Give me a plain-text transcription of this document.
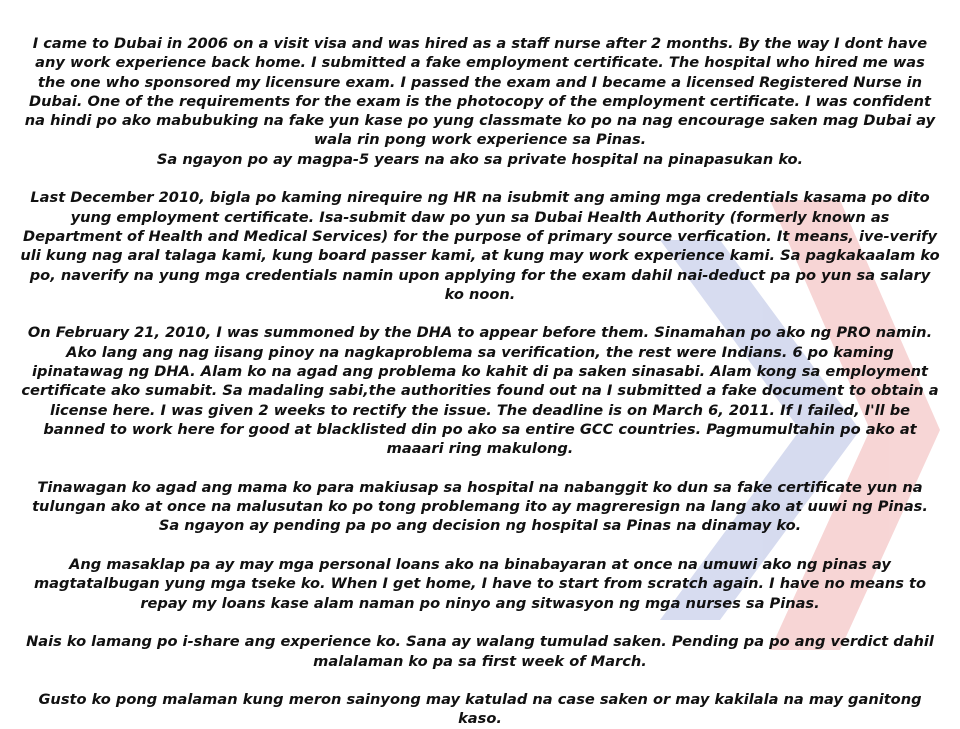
I came to Dubai in 2006 on a visit visa and was hired as a staff nurse after 2 months. By the way I dont have any work experience back home. I submitted a fake employment certificate. The hospital who hired me was the one who sponsored my licensure exam. I passed the exam and I became a licensed Registered Nurse in Dubai. One of the requirements for the exam is the photocopy of the employment certificate. I was confident na hindi po ako mabubuking na fake yun kase po yung classmate ko po na nag encourage saken mag Dubai ay wala rin pong work experience sa Pinas.
Sa ngayon po ay magpa-5 years na ako sa private hospital na pinapasukan ko.
Last December 2010, bigla po kaming nirequire ng HR na isubmit ang aming mga credentials kasama po dito yung employment certificate. Isa-submit daw po yun sa Dubai Health Authority (formerly known as Department of Health and Medical Services) for the purpose of primary source verfication. It means, ive-verify uli kung nag aral talaga kami, kung board passer kami, at kung may work experience kami. Sa pagkakaalam ko po, naverify na yung mga credentials namin upon applying for the exam dahil nai-deduct pa po yun sa salary ko noon.
On February 21, 2010, I was summoned by the DHA to appear before them. Sinamahan po ako ng PRO namin. Ako lang ang nag iisang pinoy na nagkaproblema sa verification, the rest were Indians. 6 po kaming ipinatawag ng DHA. Alam ko na agad ang problema ko kahit di pa saken sinasabi. Alam kong sa employment certificate ako sumabit. Sa madaling sabi,the authorities found out na I submitted a fake document to obtain a license here. I was given 2 weeks to rectify the issue. The deadline is on March 6, 2011. If I failed, I'll be banned to work here for good at blacklisted din po ako sa entire GCC countries. Pagmumultahin po ako at maaari ring makulong.
Tinawagan ko agad ang mama ko para makiusap sa hospital na nabanggit ko dun sa fake certificate yun na tulungan ako at once na malusutan ko po tong problemang ito ay magreresign na lang ako at uuwi ng Pinas. Sa ngayon ay pending pa po ang decision ng hospital sa Pinas na dinamay ko.
Ang masaklap pa ay may mga personal loans ako na binabayaran at once na umuwi ako ng pinas ay magtatalbugan yung mga tseke ko. When I get home, I have to start from scratch again. I have no means to repay my loans kase alam naman po ninyo ang sitwasyon ng mga nurses sa Pinas.
Nais ko lamang po i-share ang experience ko. Sana ay walang tumulad saken. Pending pa po ang verdict dahil malalaman ko pa sa first week of March.
Gusto ko pong malaman kung meron sainyong may katulad na case saken or may kakilala na may ganitong kaso.
